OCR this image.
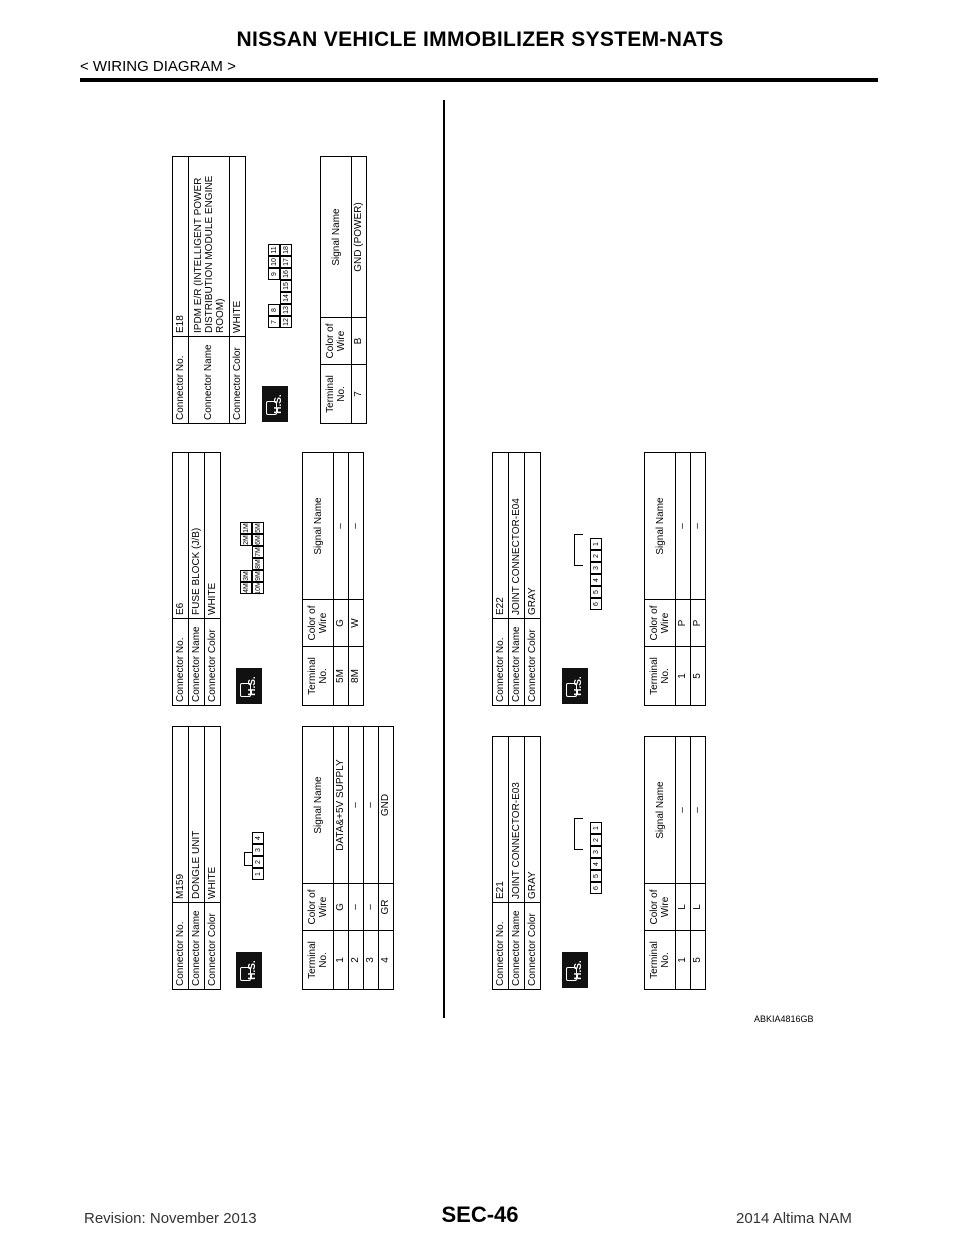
NISSAN VEHICLE IMMOBILIZER SYSTEM-NATS
< WIRING DIAGRAM >
Connector No.	M159
Connector Name	DONGLE UNIT
Connector Color	WHITE
H.S.
1
2
3
4
Terminal No.	Color of Wire	Signal Name
1	G	DATA&+5V SUPPLY
2	–	–
3	–	–
4	GR	GND
Connector No.	E6
Connector Name	FUSE BLOCK (J/B)
Connector Color	WHITE
H.S.
4M
3M
2M
1M
10M
9M
8M
7M
6M
5M
Terminal No.	Color of Wire	Signal Name
5M	G	–
8M	W	–
Connector No.	E18
Connector Name	IPDM E/R (INTELLIGENT POWER DISTRIBUTION MODULE ENGINE ROOM)
Connector Color	WHITE
H.S.
7
8
9
10
11
12
13
14
15
16
17
18
Terminal No.	Color of Wire	Signal Name
7	B	GND (POWER)
Connector No.	E21
Connector Name	JOINT CONNECTOR-E03
Connector Color	GRAY
H.S.
6
5
4
3
2
1
Terminal No.	Color of Wire	Signal Name
1	L	–
5	L	–
Connector No.	E22
Connector Name	JOINT CONNECTOR-E04
Connector Color	GRAY
H.S.
6
5
4
3
2
1
Terminal No.	Color of Wire	Signal Name
1	P	–
5	P	–
ABKIA4816GB
Revision: November 2013	SEC-46	2014 Altima NAM
